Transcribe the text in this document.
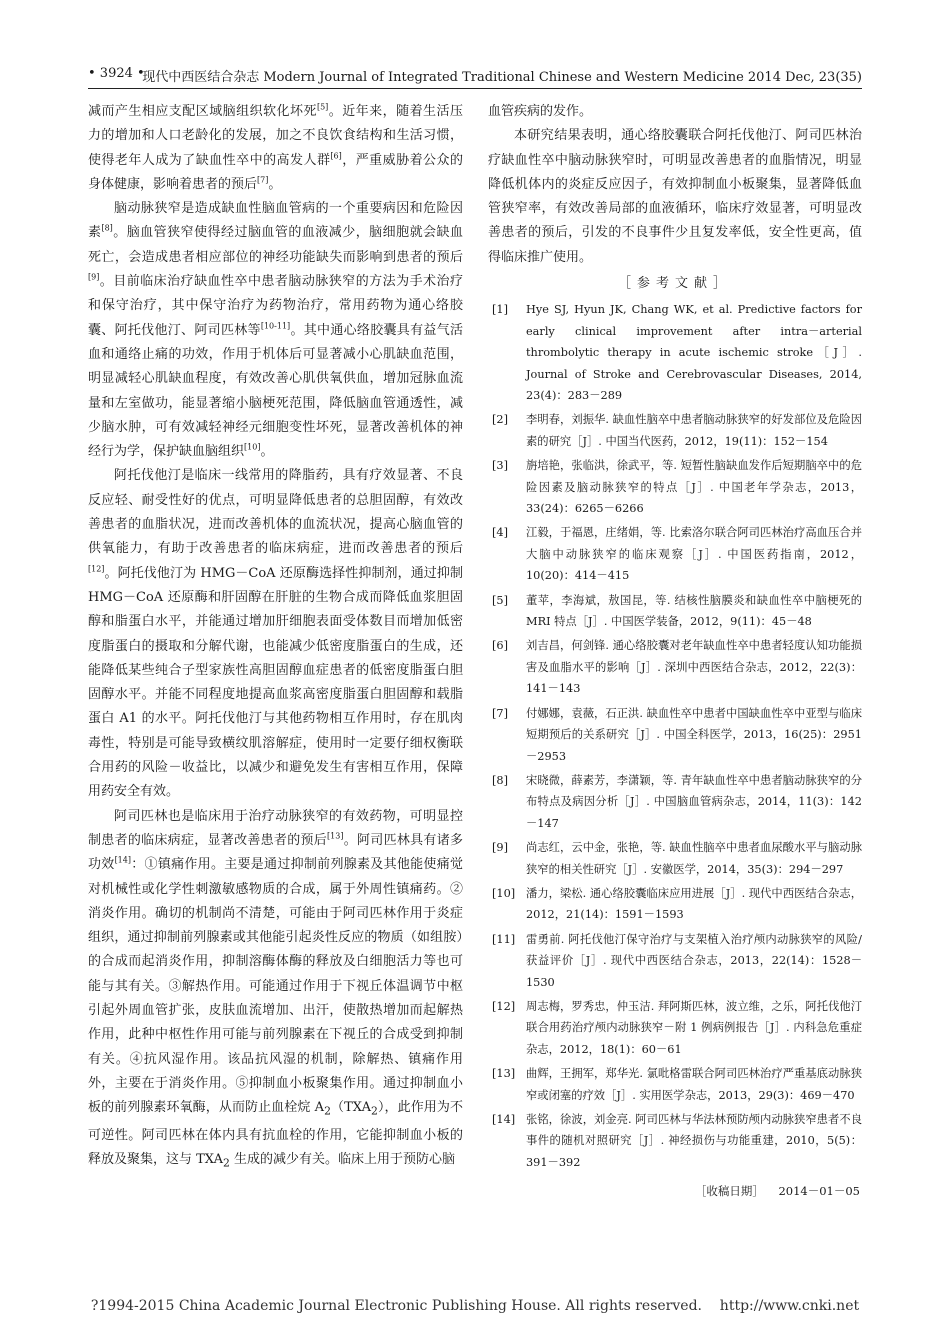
• 3924 •
现代中西医结合杂志 Modern Journal of Integrated Traditional Chinese and Western Medicine 2014 Dec, 23(35)

减而产生相应支配区域脑组织软化坏死[5]。近年来，随着生活压力的增加和人口老龄化的发展，加之不良饮食结构和生活习惯，使得老年人成为了缺血性卒中的高发人群[6]，严重威胁着公众的身体健康，影响着患者的预后[7]。

脑动脉狭窄是造成缺血性脑血管病的一个重要病因和危险因素[8]。脑血管狭窄使得经过脑血管的血液减少，脑细胞就会缺血死亡，会造成患者相应部位的神经功能缺失而影响到患者的预后[9]。目前临床治疗缺血性卒中患者脑动脉狭窄的方法为手术治疗和保守治疗，其中保守治疗为药物治疗，常用药物为通心络胶囊、阿托伐他汀、阿司匹林等[10-11]。其中通心络胶囊具有益气活血和通络止痛的功效，作用于机体后可显著减小心肌缺血范围，明显减轻心肌缺血程度，有效改善心肌供氧供血，增加冠脉血流量和左室做功，能显著缩小脑梗死范围，降低脑血管通透性，减少脑水肿，可有效减轻神经元细胞变性坏死，显著改善机体的神经行为学，保护缺血脑组织[10]。

阿托伐他汀是临床一线常用的降脂药，具有疗效显著、不良反应轻、耐受性好的优点，可明显降低患者的总胆固醇，有效改善患者的血脂状况，进而改善机体的血流状况，提高心脑血管的供氧能力，有助于改善患者的临床病症，进而改善患者的预后[12]。阿托伐他汀为 HMG－CoA 还原酶选择性抑制剂，通过抑制 HMG－CoA 还原酶和肝固醇在肝脏的生物合成而降低血浆胆固醇和脂蛋白水平，并能通过增加肝细胞表面受体数目而增加低密度脂蛋白的摄取和分解代谢，也能减少低密度脂蛋白的生成，还能降低某些纯合子型家族性高胆固醇血症患者的低密度脂蛋白胆固醇水平。并能不同程度地提高血浆高密度脂蛋白胆固醇和载脂蛋白 A1 的水平。阿托伐他汀与其他药物相互作用时，存在肌肉毒性，特别是可能导致横纹肌溶解症，使用时一定要仔细权衡联合用药的风险－收益比，以减少和避免发生有害相互作用，保障用药安全有效。

阿司匹林也是临床用于治疗动脉狭窄的有效药物，可明显控制患者的临床病症，显著改善患者的预后[13]。阿司匹林具有诸多功效[14]：①镇痛作用。主要是通过抑制前列腺素及其他能使痛觉对机械性或化学性刺激敏感物质的合成，属于外周性镇痛药。②消炎作用。确切的机制尚不清楚，可能由于阿司匹林作用于炎症组织，通过抑制前列腺素或其他能引起炎性反应的物质（如组胺）的合成而起消炎作用，抑制溶酶体酶的释放及白细胞活力等也可能与其有关。③解热作用。可能通过作用于下视丘体温调节中枢引起外周血管扩张，皮肤血流增加、出汗，使散热增加而起解热作用，此种中枢性作用可能与前列腺素在下视丘的合成受到抑制有关。④抗风湿作用。该品抗风湿的机制，除解热、镇痛作用外，主要在于消炎作用。⑤抑制血小板聚集作用。通过抑制血小板的前列腺素环氧酶，从而防止血栓烷 $A_2(TXA_2)$，此作用为不可逆性。阿司匹林在体内具有抗血栓的作用，它能抑制血小板的释放及聚集，这与 $TXA_2$ 生成的减少有关。临床上用于预防心脑

血管疾病的发作。

本研究结果表明，通心络胶囊联合阿托伐他汀、阿司匹林治疗缺血性卒中脑动脉狭窄时，可明显改善患者的血脂情况，明显降低机体内的炎症反应因子，有效抑制血小板聚集，显著降低血管狭窄率，有效改善局部的血液循环，临床疗效显著，可明显改善患者的预后，引发的不良事件少且复发率低，安全性更高，值得临床推广使用。

［参考文献］
[1] Hye SJ, Hyun JK, Chang WK, et al. Predictive factors for early clinical improvement after intra－arterial thrombolytic therapy in acute ischemic stroke［J］. Journal of Stroke and Cerebrovascular Diseases, 2014, 23(4)：283－289
[2] 李明春，刘振华. 缺血性脑卒中患者脑动脉狭窄的好发部位及危险因素的研究［J］. 中国当代医药，2012，19(11)：152－154
[3] 旃培艳，张临洪，徐武平，等. 短暂性脑缺血发作后短期脑卒中的危险因素及脑动脉狭窄的特点［J］. 中国老年学杂志，2013，33(24)：6265－6266
[4] 江毅，于福恩，庄绪娟，等. 比索洛尔联合阿司匹林治疗高血压合并大脑中动脉狭窄的临床观察［J］. 中国医药指南，2012，10(20)：414－415
[5] 董苹，李海斌，敖国昆，等. 结核性脑膜炎和缺血性卒中脑梗死的 MRI 特点［J］. 中国医学装备，2012，9(11)：45－48
[6] 刘吉昌，何剑锋. 通心络胶囊对老年缺血性卒中患者轻度认知功能损害及血脂水平的影响［J］. 深圳中西医结合杂志，2012，22(3)：141－143
[7] 付娜娜，袁薇，石正洪. 缺血性卒中患者中国缺血性卒中亚型与临床短期预后的关系研究［J］. 中国全科医学，2013，16(25)：2951－2953
[8] 宋晓微，薛素芳，李潇颖，等. 青年缺血性卒中患者脑动脉狭窄的分布特点及病因分析［J］. 中国脑血管病杂志，2014，11(3)：142－147
[9] 尚志红，云中金，张艳，等. 缺血性脑卒中患者血尿酸水平与脑动脉狭窄的相关性研究［J］. 安徽医学，2014，35(3)：294－297
[10] 潘力，梁松. 通心络胶囊临床应用进展［J］. 现代中西医结合杂志，2012，21(14)：1591－1593
[11] 雷勇前. 阿托伐他汀保守治疗与支架植入治疗颅内动脉狭窄的风险/获益评价［J］. 现代中西医结合杂志，2013，22(14)：1528－1530
[12] 周志梅，罗秀忠，仲玉洁. 拜阿斯匹林，波立维，之乐，阿托伐他汀联合用药治疗颅内动脉狭窄－附 1 例病例报告［J］. 内科急危重症杂志，2012，18(1)：60－61
[13] 曲辉，王拥军，郑华光. 氯吡格雷联合阿司匹林治疗严重基底动脉狭窄或闭塞的疗效［J］. 实用医学杂志，2013，29(3)：469－470
[14] 张铭，徐波，刘金亮. 阿司匹林与华法林预防颅内动脉狭窄患者不良事件的随机对照研究［J］. 神经损伤与功能重建，2010，5(5)：391－392
［收稿日期］ 2014－01－05
?1994-2015 China Academic Journal Electronic Publishing House. All rights reserved. http://www.cnki.net
